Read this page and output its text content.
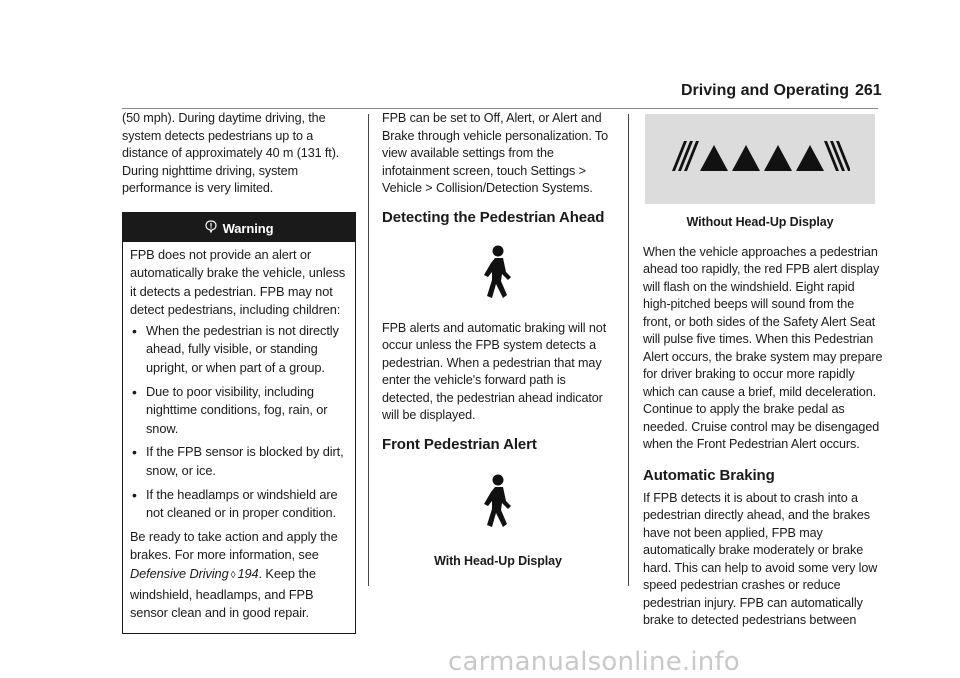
Driving and Operating 261

(50 mph). During daytime driving, the system detects pedestrians up to a distance of approximately 40 m (131 ft). During nighttime driving, system performance is very limited.

Warning

FPB does not provide an alert or automatically brake the vehicle, unless it detects a pedestrian. FPB may not detect pedestrians, including children:

• When the pedestrian is not directly ahead, fully visible, or standing upright, or when part of a group.
• Due to poor visibility, including nighttime conditions, fog, rain, or snow.
• If the FPB sensor is blocked by dirt, snow, or ice.
• If the headlamps or windshield are not cleaned or in proper condition.

Be ready to take action and apply the brakes. For more information, see Defensive Driving ◊ 194. Keep the windshield, headlamps, and FPB sensor clean and in good repair.

FPB can be set to Off, Alert, or Alert and Brake through vehicle personalization. To view available settings from the infotainment screen, touch Settings > Vehicle > Collision/Detection Systems.

Detecting the Pedestrian Ahead

FPB alerts and automatic braking will not occur unless the FPB system detects a pedestrian. When a pedestrian that may enter the vehicle's forward path is detected, the pedestrian ahead indicator will be displayed.

Front Pedestrian Alert
With Head-Up Display
Without Head-Up Display

When the vehicle approaches a pedestrian ahead too rapidly, the red FPB alert display will flash on the windshield. Eight rapid high-pitched beeps will sound from the front, or both sides of the Safety Alert Seat will pulse five times. When this Pedestrian Alert occurs, the brake system may prepare for driver braking to occur more rapidly which can cause a brief, mild deceleration. Continue to apply the brake pedal as needed. Cruise control may be disengaged when the Front Pedestrian Alert occurs.

Automatic Braking

If FPB detects it is about to crash into a pedestrian directly ahead, and the brakes have not been applied, FPB may automatically brake moderately or brake hard. This can help to avoid some very low speed pedestrian crashes or reduce pedestrian injury. FPB can automatically brake to detected pedestrians between

carmanualsonline.info
